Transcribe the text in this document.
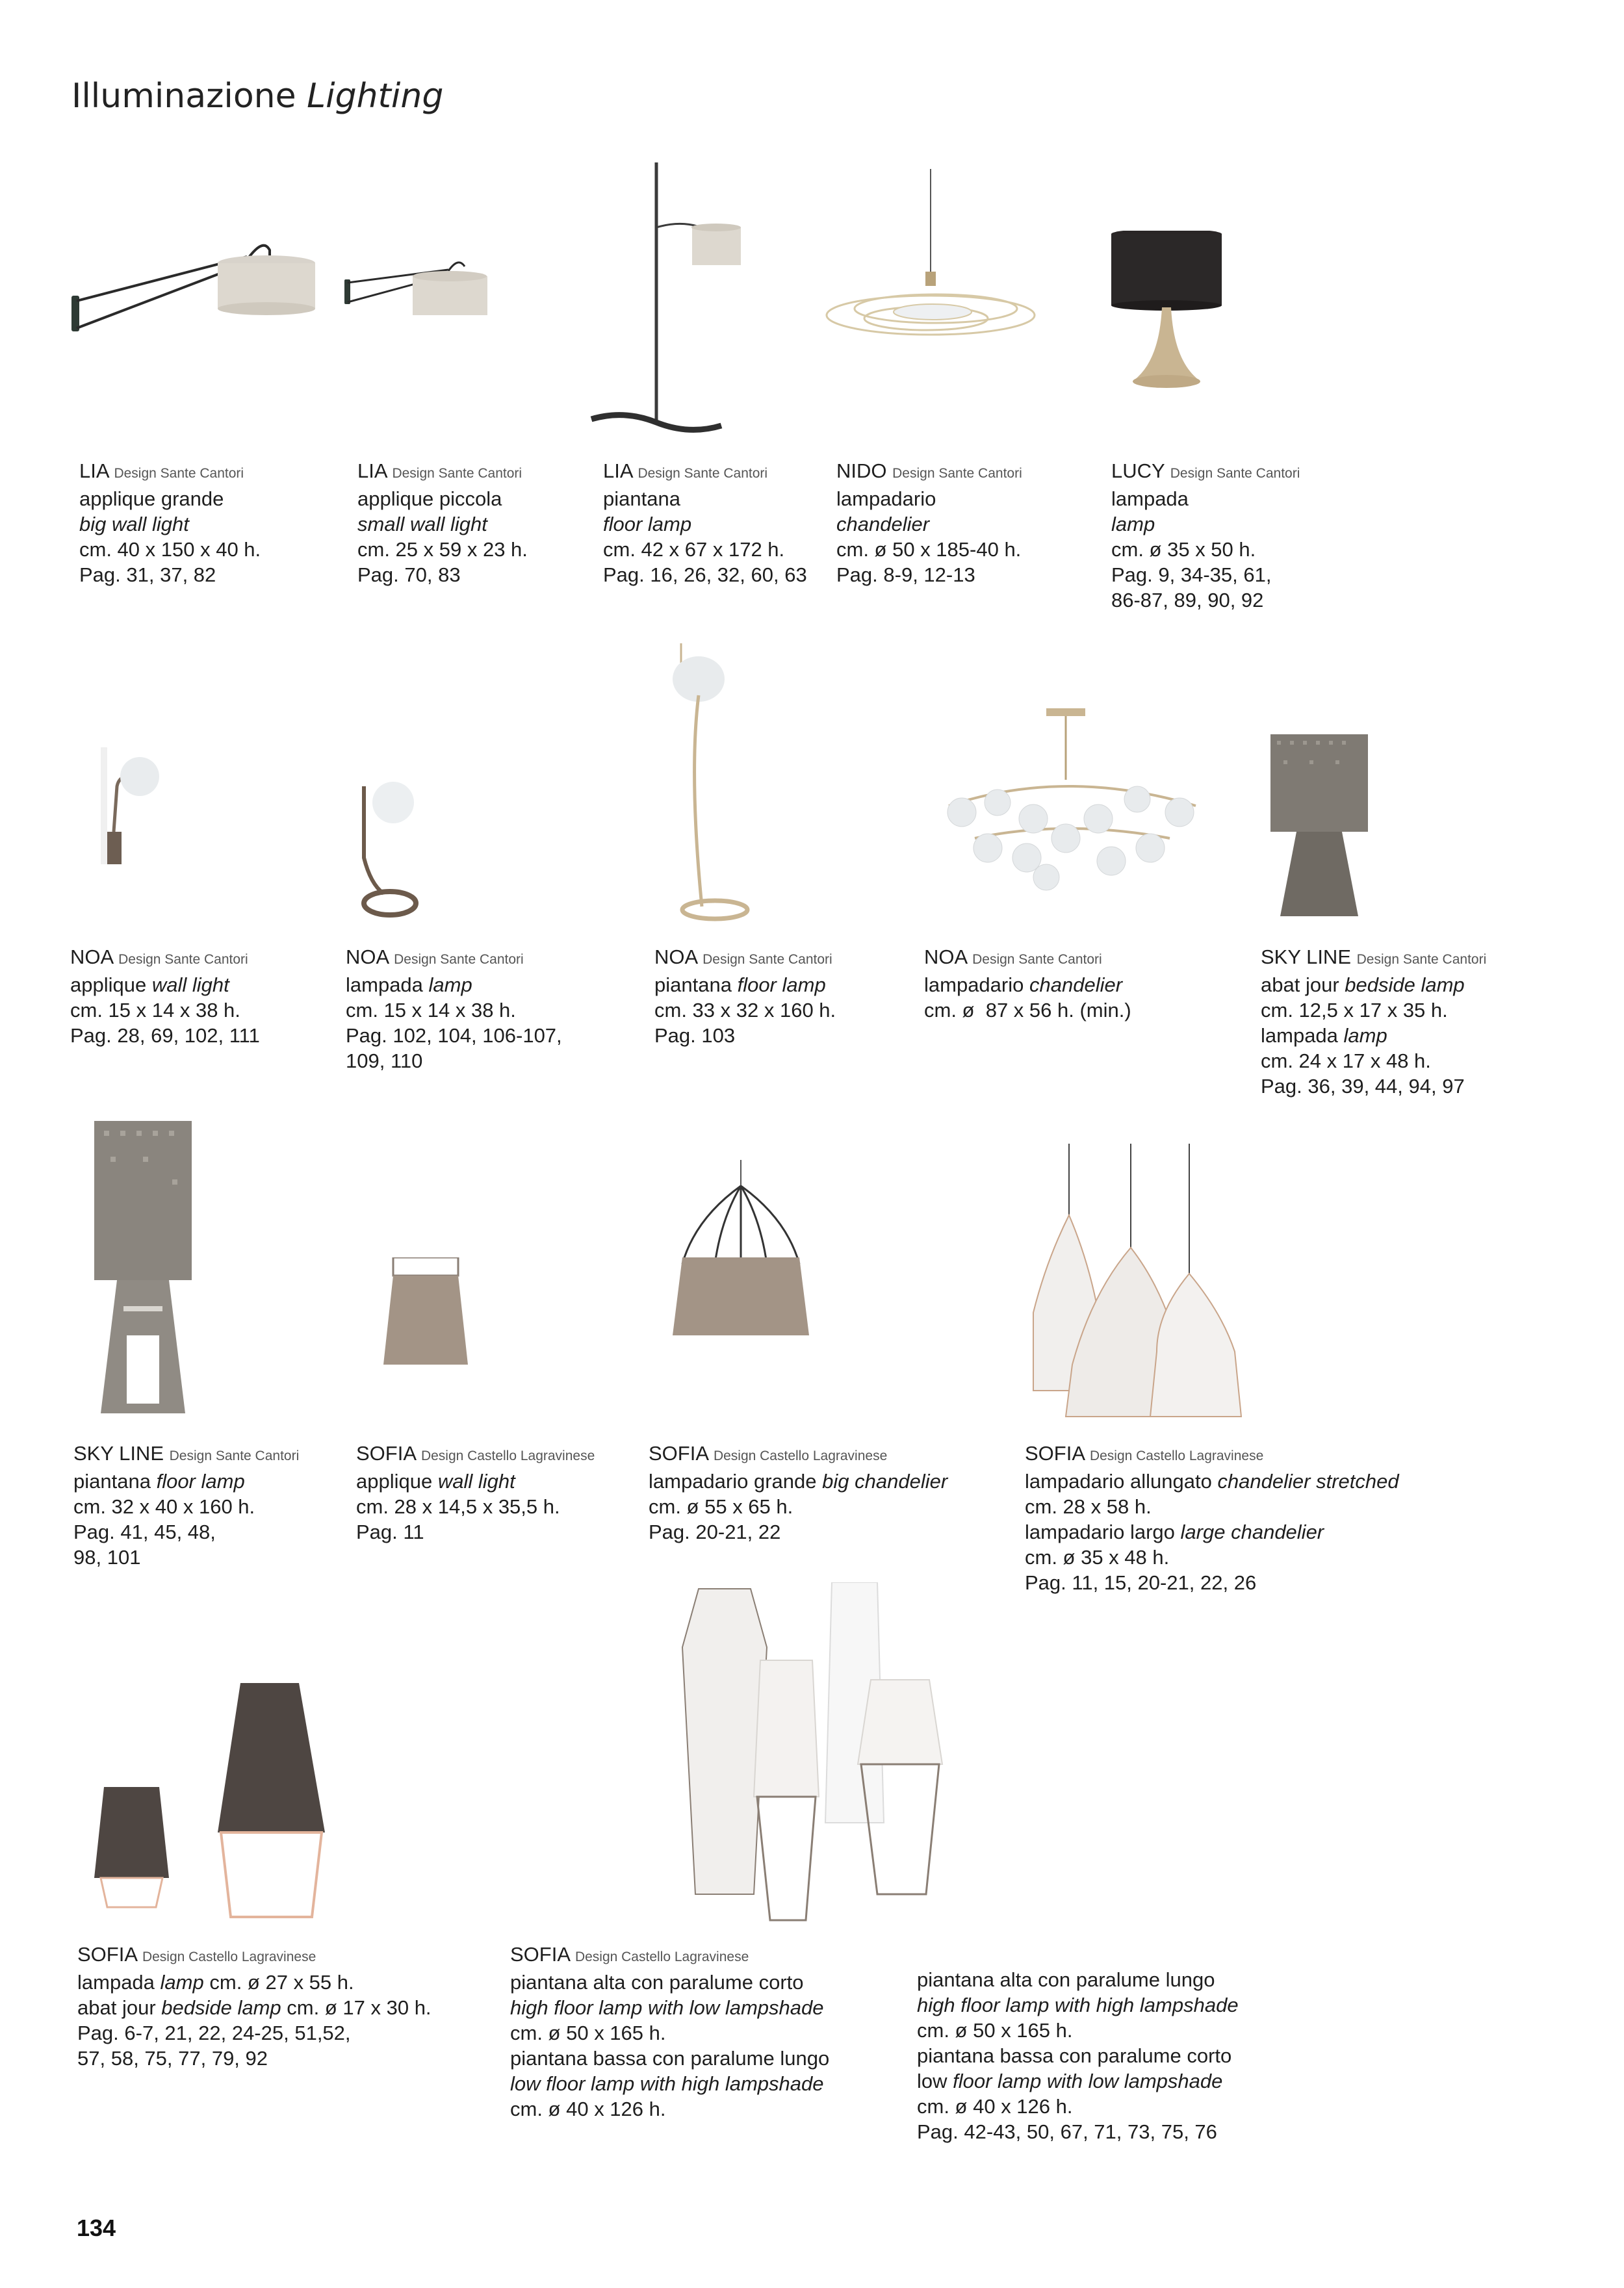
Illuminazione Lighting
LIA Design Sante Cantori
applique grande
big wall light
cm. 40 x 150 x 40 h.
Pag. 31, 37, 82
LIA Design Sante Cantori
applique piccola
small wall light
cm. 25 x 59 x 23 h.
Pag. 70, 83
LIA Design Sante Cantori
piantana
floor lamp
cm. 42 x 67 x 172 h.
Pag. 16, 26, 32, 60, 63
NIDO Design Sante Cantori
lampadario
chandelier
cm. ø 50 x 185-40 h.
Pag. 8-9, 12-13
LUCY Design Sante Cantori
lampada
lamp
cm. ø 35 x 50 h.
Pag. 9, 34-35, 61,
86-87, 89, 90, 92
NOA Design Sante Cantori
applique wall light
cm. 15 x 14 x 38 h.
Pag. 28, 69, 102, 111
NOA Design Sante Cantori
lampada lamp
cm. 15 x 14 x 38 h.
Pag. 102, 104, 106-107,
109, 110
NOA Design Sante Cantori
piantana floor lamp
cm. 33 x 32 x 160 h.
Pag. 103
NOA Design Sante Cantori
lampadario chandelier
cm. ø  87 x 56 h. (min.)
SKY LINE Design Sante Cantori
abat jour bedside lamp
cm. 12,5 x 17 x 35 h.
lampada lamp
cm. 24 x 17 x 48 h.
Pag. 36, 39, 44, 94, 97
SKY LINE Design Sante Cantori
piantana floor lamp
cm. 32 x 40 x 160 h.
Pag. 41, 45, 48,
98, 101
SOFIA Design Castello Lagravinese
applique wall light
cm. 28 x 14,5 x 35,5 h.
Pag. 11
SOFIA Design Castello Lagravinese
lampadario grande big chandelier
cm. ø 55 x 65 h.
Pag. 20-21, 22
SOFIA Design Castello Lagravinese
lampadario allungato chandelier stretched
cm. 28 x 58 h.
lampadario largo large chandelier
cm. ø 35 x 48 h.
Pag. 11, 15, 20-21, 22, 26
SOFIA Design Castello Lagravinese
lampada lamp cm. ø 27 x 55 h.
abat jour bedside lamp cm. ø 17 x 30 h.
Pag. 6-7, 21, 22, 24-25, 51,52,
57, 58, 75, 77, 79, 92
SOFIA Design Castello Lagravinese
piantana alta con paralume corto
high floor lamp with low lampshade
cm. ø 50 x 165 h.
piantana bassa con paralume lungo
low floor lamp with high lampshade
cm. ø 40 x 126 h.
piantana alta con paralume lungo
high floor lamp with high lampshade
cm. ø 50 x 165 h.
piantana bassa con paralume corto
low floor lamp with low lampshade
cm. ø 40 x 126 h.
Pag. 42-43, 50, 67, 71, 73, 75, 76
134
